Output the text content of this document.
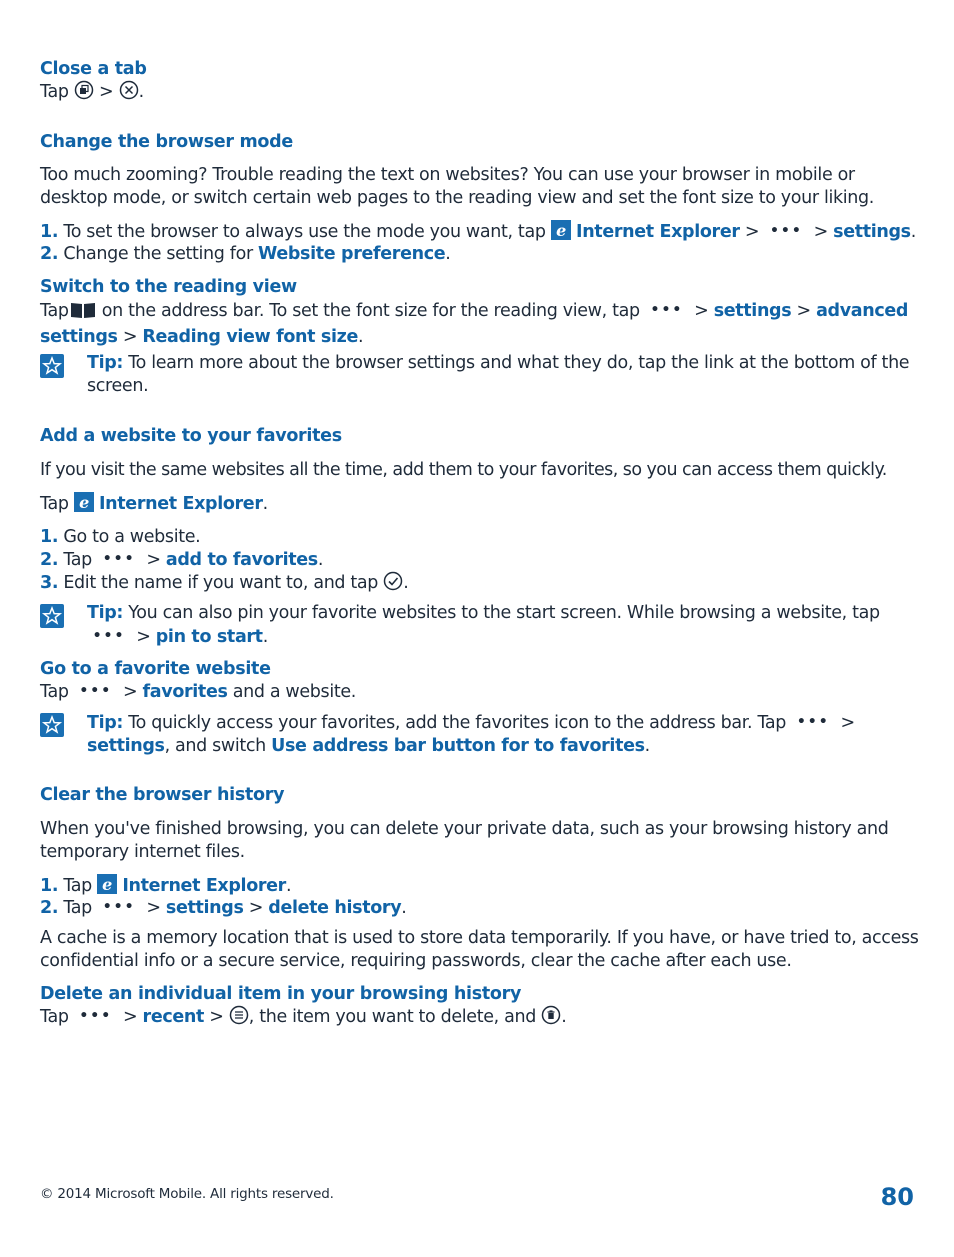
Close a tab
Tap > .
Change the browser mode
Too much zooming? Trouble reading the text on websites? You can use your browser in mobile or desktop mode, or switch certain web pages to the reading view and set the font size to your liking.
1. To set the browser to always use the mode you want, tap e Internet Explorer > ••• > settings.
2. Change the setting for Website preference.
Switch to the reading view
Tap on the address bar. To set the font size for the reading view, tap ••• > settings > advanced settings > Reading view font size.
Tip: To learn more about the browser settings and what they do, tap the link at the bottom of the screen.
Add a website to your favorites
If you visit the same websites all the time, add them to your favorites, so you can access them quickly.
Tap e Internet Explorer.
1. Go to a website.
2. Tap ••• > add to favorites.
3. Edit the name if you want to, and tap .
Tip: You can also pin your favorite websites to the start screen. While browsing a website, tap ••• > pin to start.
Go to a favorite website
Tap ••• > favorites and a website.
Tip: To quickly access your favorites, add the favorites icon to the address bar. Tap ••• > settings, and switch Use address bar button for to favorites.
Clear the browser history
When you've finished browsing, you can delete your private data, such as your browsing history and temporary internet files.
1. Tap e Internet Explorer.
2. Tap ••• > settings > delete history.
A cache is a memory location that is used to store data temporarily. If you have, or have tried to, access confidential info or a secure service, requiring passwords, clear the cache after each use.
Delete an individual item in your browsing history
Tap ••• > recent > , the item you want to delete, and .
© 2014 Microsoft Mobile. All rights reserved.	80
